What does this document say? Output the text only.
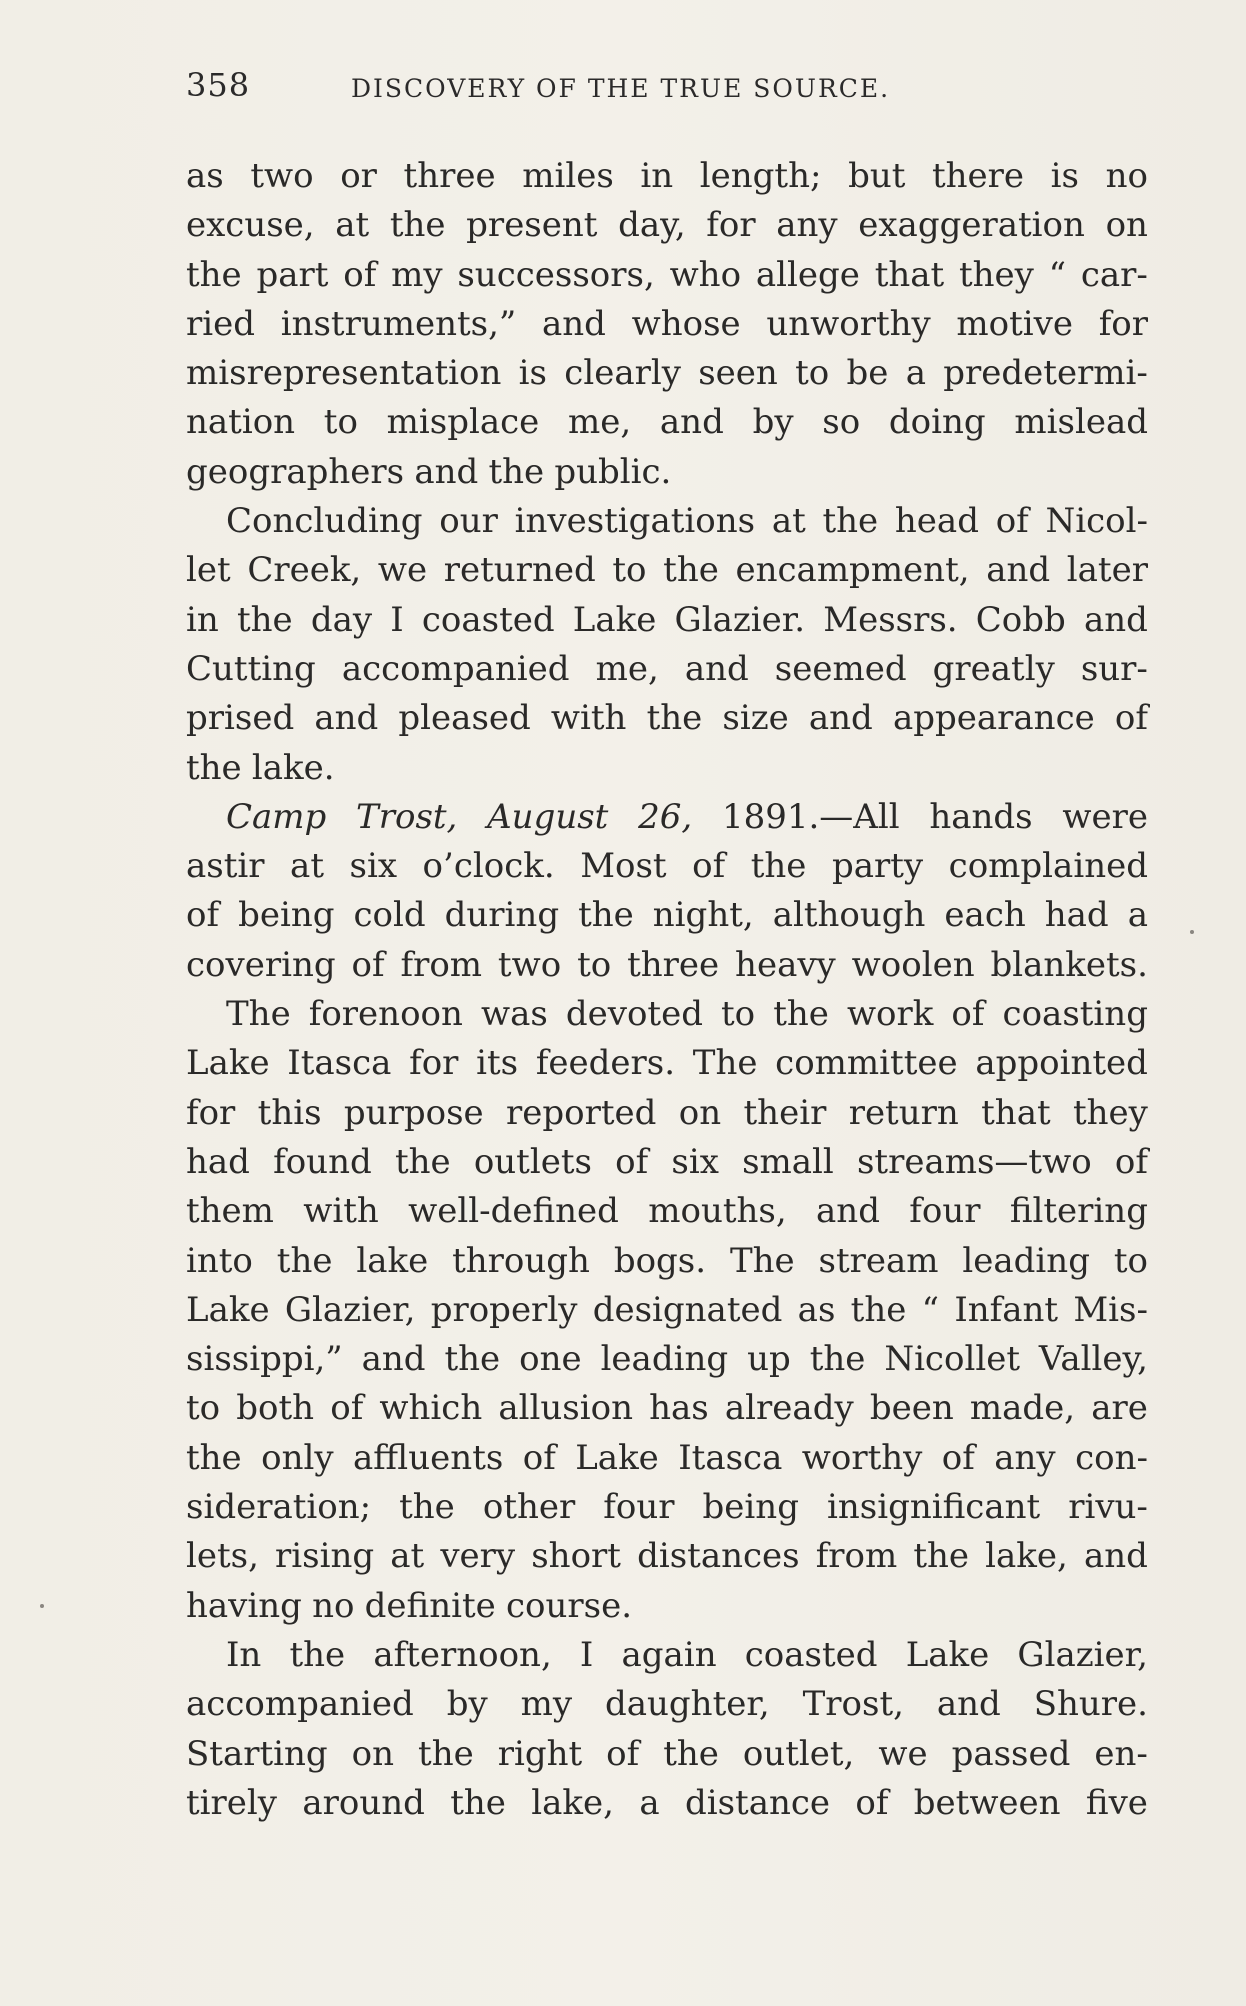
358	DISCOVERY OF THE TRUE SOURCE.
as two or three miles in length; but there is no
excuse, at the present day, for any exaggeration on
the part of my successors, who allege that they “ car-
ried instruments,” and whose unworthy motive for
misrepresentation is clearly seen to be a predetermi-
nation to misplace me, and by so doing mislead
geographers and the public.
Concluding our investigations at the head of Nicol-
let Creek, we returned to the encampment, and later
in the day I coasted Lake Glazier. Messrs. Cobb and
Cutting accompanied me, and seemed greatly sur-
prised and pleased with the size and appearance of
the lake.
Camp Trost, August 26, 1891.—All hands were
astir at six o’clock. Most of the party complained
of being cold during the night, although each had a
covering of from two to three heavy woolen blankets.
The forenoon was devoted to the work of coasting
Lake Itasca for its feeders. The committee appointed
for this purpose reported on their return that they
had found the outlets of six small streams—two of
them with well-defined mouths, and four filtering
into the lake through bogs. The stream leading to
Lake Glazier, properly designated as the “ Infant Mis-
sissippi,” and the one leading up the Nicollet Valley,
to both of which allusion has already been made, are
the only affluents of Lake Itasca worthy of any con-
sideration; the other four being insignificant rivu-
lets, rising at very short distances from the lake, and
having no definite course.
In the afternoon, I again coasted Lake Glazier,
accompanied by my daughter, Trost, and Shure.
Starting on the right of the outlet, we passed en-
tirely around the lake, a distance of between five
